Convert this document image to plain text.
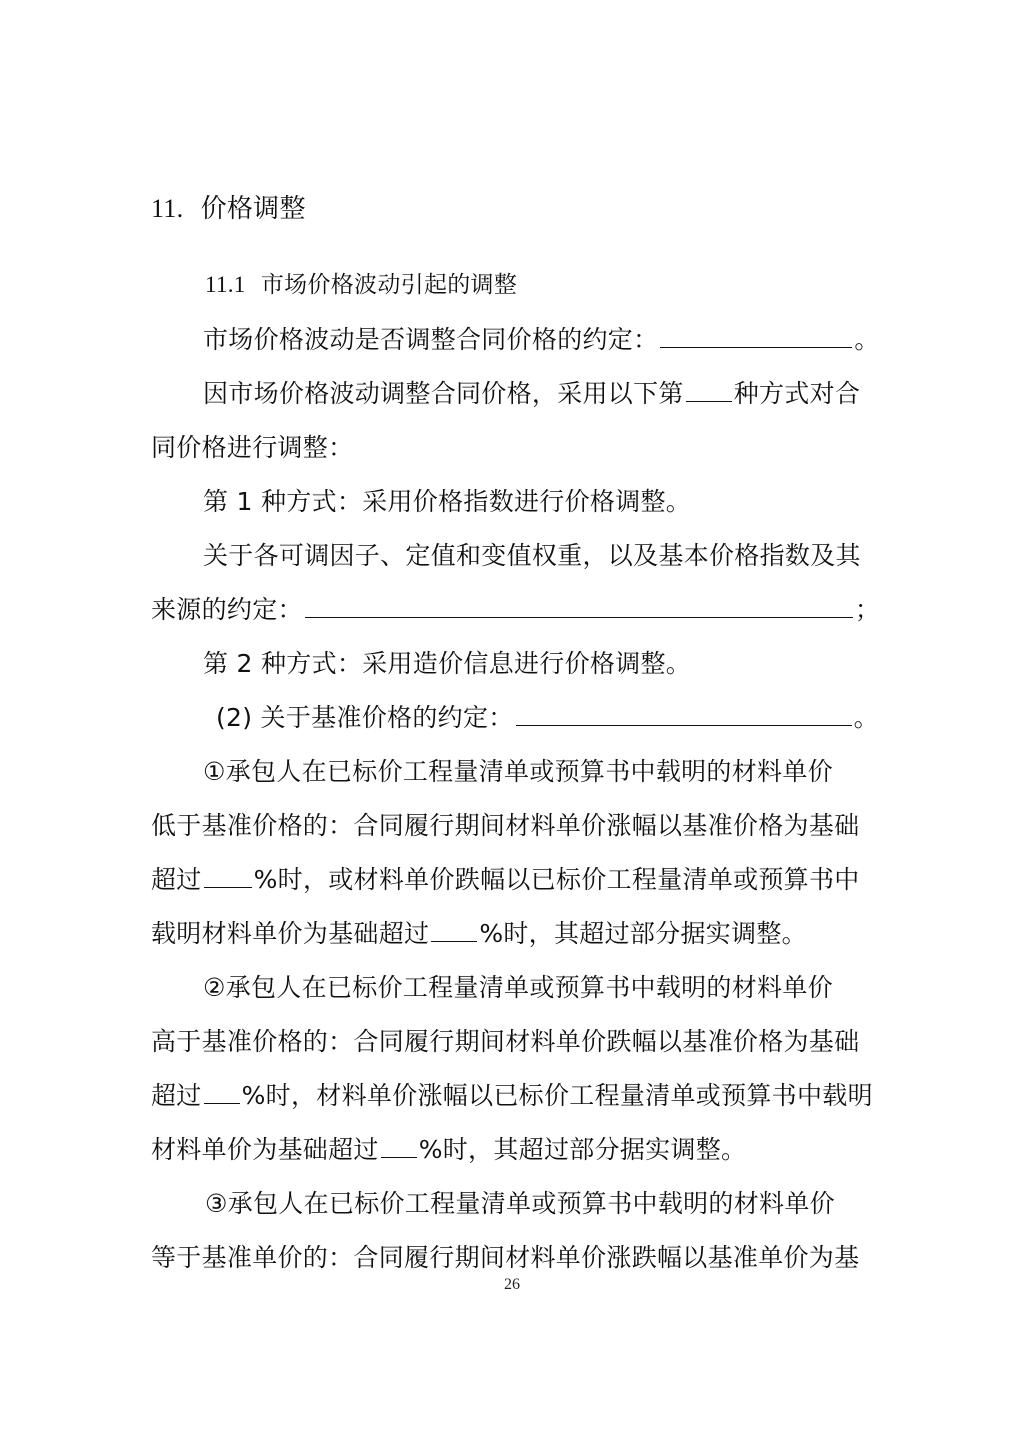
11. 价格调整
11.1 市场价格波动引起的调整
市场价格波动是否调整合同价格的约定：	。
因市场价格波动调整合同价格，采用以下第 种方式对合
同价格进行调整：
第 1 种方式：采用价格指数进行价格调整。
关于各可调因子、定值和变值权重，以及基本价格指数及其
来源的约定：	；
第 2 种方式：采用造价信息进行价格调整。
(2) 关于基准价格的约定：	。
①承包人在已标价工程量清单或预算书中载明的材料单价
低于基准价格的：合同履行期间材料单价涨幅以基准价格为基础
超过 %时，或材料单价跌幅以已标价工程量清单或预算书中
载明材料单价为基础超过 %时，其超过部分据实调整。
②承包人在已标价工程量清单或预算书中载明的材料单价
高于基准价格的：合同履行期间材料单价跌幅以基准价格为基础
超过 %时，材料单价涨幅以已标价工程量清单或预算书中载明
材料单价为基础超过 %时，其超过部分据实调整。
③承包人在已标价工程量清单或预算书中载明的材料单价
等于基准单价的：合同履行期间材料单价涨跌幅以基准单价为基
26
